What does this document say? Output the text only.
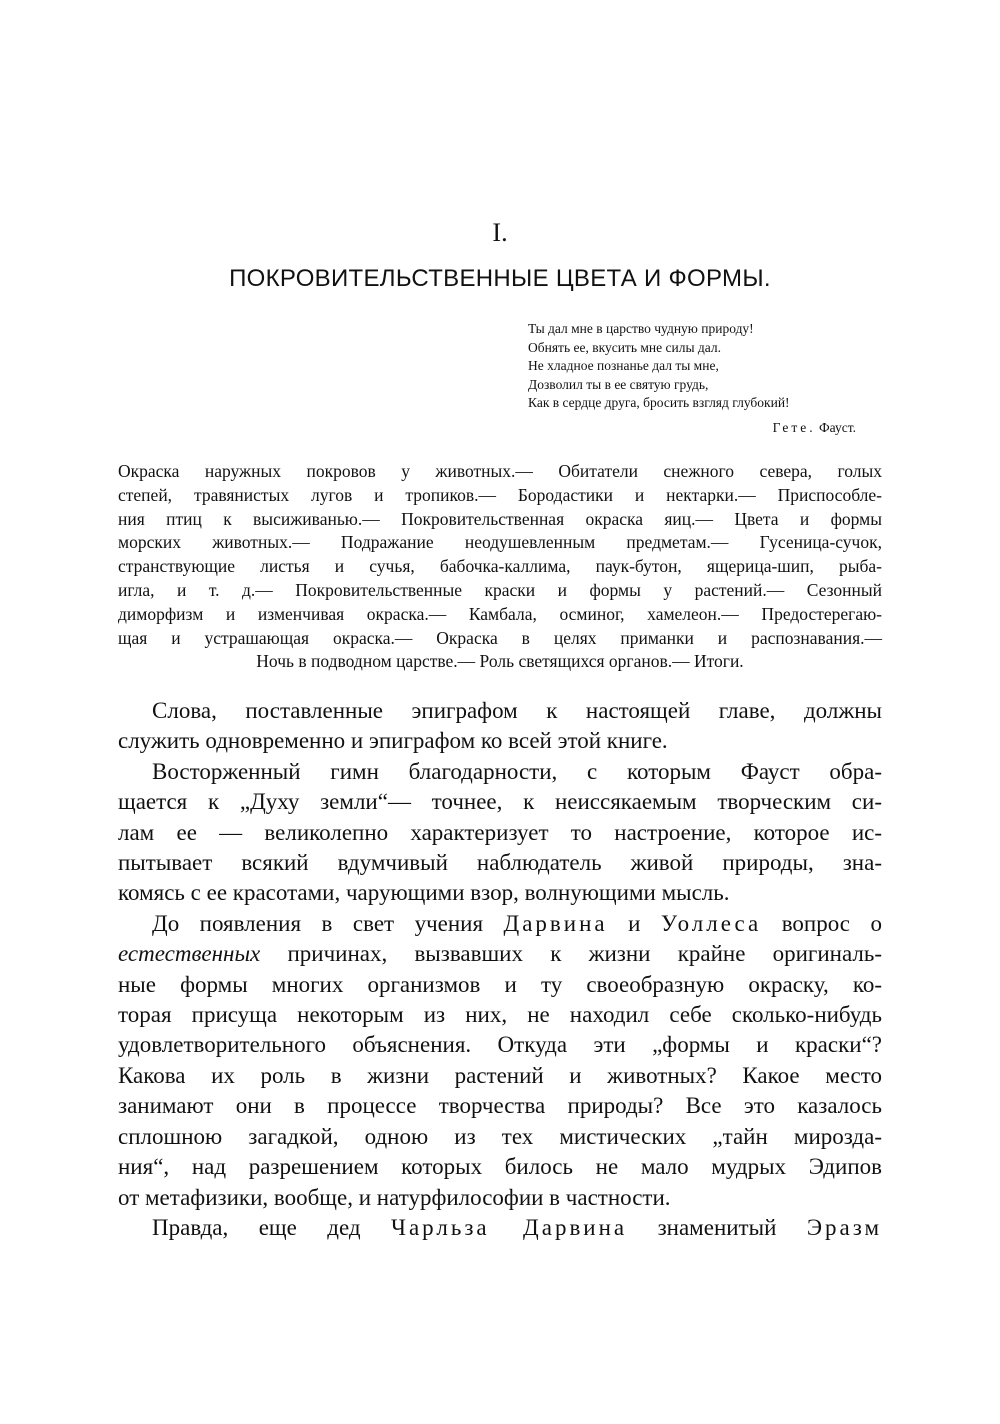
I.
ПОКРОВИТЕЛЬСТВЕННЫЕ ЦВЕТА И ФОРМЫ.
Ты дал мне в царство чудную природу!
Обнять ее, вкусить мне силы дал.
Не хладное познанье дал ты мне,
Дозволил ты в ее святую грудь,
Как в сердце друга, бросить взгляд глубокий!
Гете. Фауст.
Окраска наружных покровов у животных.— Обитатели снежного севера, голых
степей, травянистых лугов и тропиков.— Бородастики и нектарки.— Приспособле-
ния птиц к высиживанью.— Покровительственная окраска яиц.— Цвета и формы
морских животных.— Подражание неодушевленным предметам.— Гусеница-сучок,
странствующие листья и сучья, бабочка-каллима, паук-бутон, ящерица-шип, рыба-
игла, и т. д.— Покровительственные краски и формы у растений.— Сезонный
диморфизм и изменчивая окраска.— Камбала, осминог, хамелеон.— Предостерегаю-
щая и устрашающая окраска.— Окраска в целях приманки и распознавания.—
Ночь в подводном царстве.— Роль светящихся органов.— Итоги.
Слова, поставленные эпиграфом к настоящей главе, должны
служить одновременно и эпиграфом ко всей этой книге.
Восторженный гимн благодарности, с которым Фауст обра-
щается к „Духу земли“— точнее, к неиссякаемым творческим си-
лам ее — великолепно характеризует то настроение, которое ис-
пытывает всякий вдумчивый наблюдатель живой природы, зна-
комясь с ее красотами, чарующими взор, волнующими мысль.
До появления в свет учения Дарвина и Уоллеса вопрос о
естественных причинах, вызвавших к жизни крайне оригиналь-
ные формы многих организмов и ту своеобразную окраску, ко-
торая присуща некоторым из них, не находил себе сколько-нибудь
удовлетворительного объяснения. Откуда эти „формы и краски“?
Какова их роль в жизни растений и животных? Какое место
занимают они в процессе творчества природы? Все это казалось
сплошною загадкой, одною из тех мистических „тайн мирозда-
ния“, над разрешением которых билось не мало мудрых Эдипов
от метафизики, вообще, и натурфилософии в частности.
Правда, еще дед Чарльза Дарвина знаменитый Эразм
